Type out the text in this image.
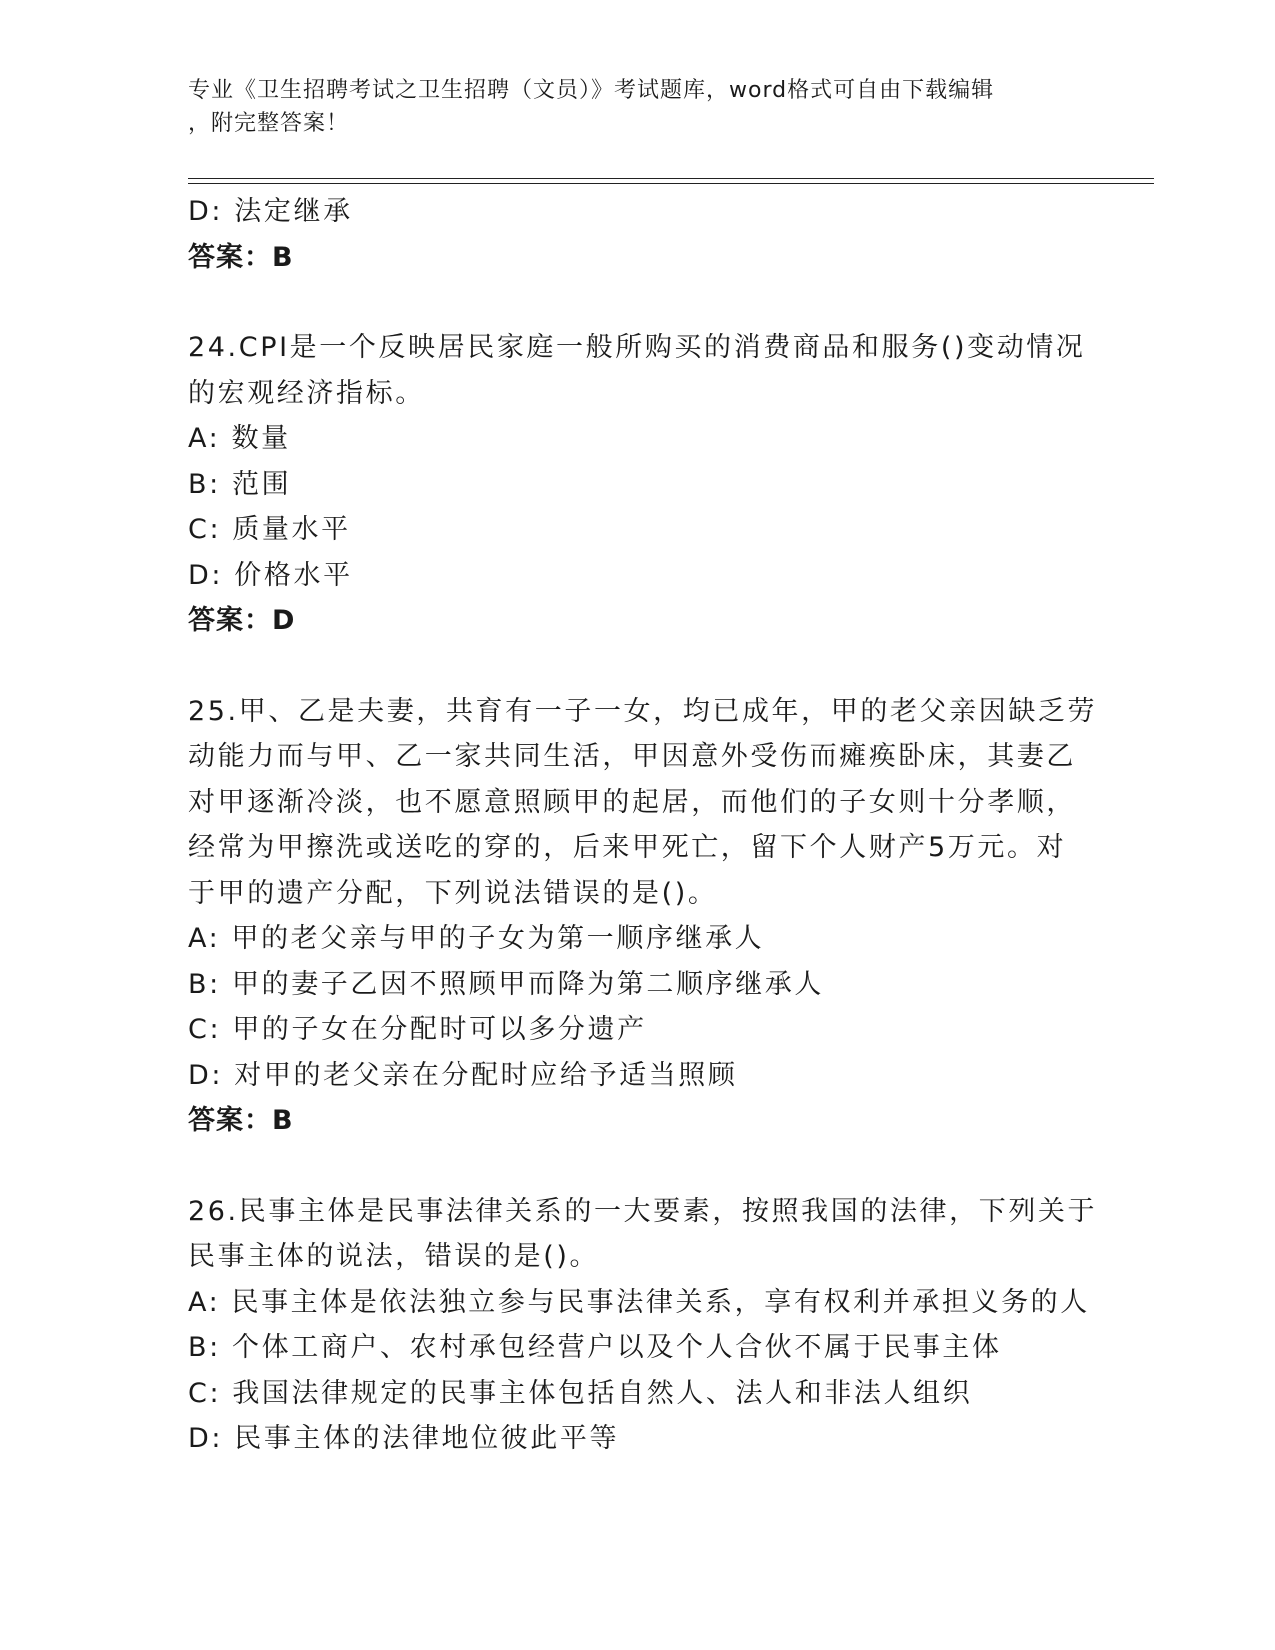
专业《卫生招聘考试之卫生招聘（文员）》考试题库，word格式可自由下载编辑
，附完整答案！
D: 法定继承
答案：B
24.CPI是一个反映居民家庭一般所购买的消费商品和服务()变动情况
的宏观经济指标。
A: 数量
B: 范围
C: 质量水平
D: 价格水平
答案：D
25.甲、乙是夫妻，共育有一子一女，均已成年，甲的老父亲因缺乏劳
动能力而与甲、乙一家共同生活，甲因意外受伤而瘫痪卧床，其妻乙
对甲逐渐冷淡，也不愿意照顾甲的起居，而他们的子女则十分孝顺，
经常为甲擦洗或送吃的穿的，后来甲死亡，留下个人财产5万元。对
于甲的遗产分配，下列说法错误的是()。
A: 甲的老父亲与甲的子女为第一顺序继承人
B: 甲的妻子乙因不照顾甲而降为第二顺序继承人
C: 甲的子女在分配时可以多分遗产
D: 对甲的老父亲在分配时应给予适当照顾
答案：B
26.民事主体是民事法律关系的一大要素，按照我国的法律，下列关于
民事主体的说法，错误的是()。
A: 民事主体是依法独立参与民事法律关系，享有权利并承担义务的人
B: 个体工商户、农村承包经营户以及个人合伙不属于民事主体
C: 我国法律规定的民事主体包括自然人、法人和非法人组织
D: 民事主体的法律地位彼此平等
